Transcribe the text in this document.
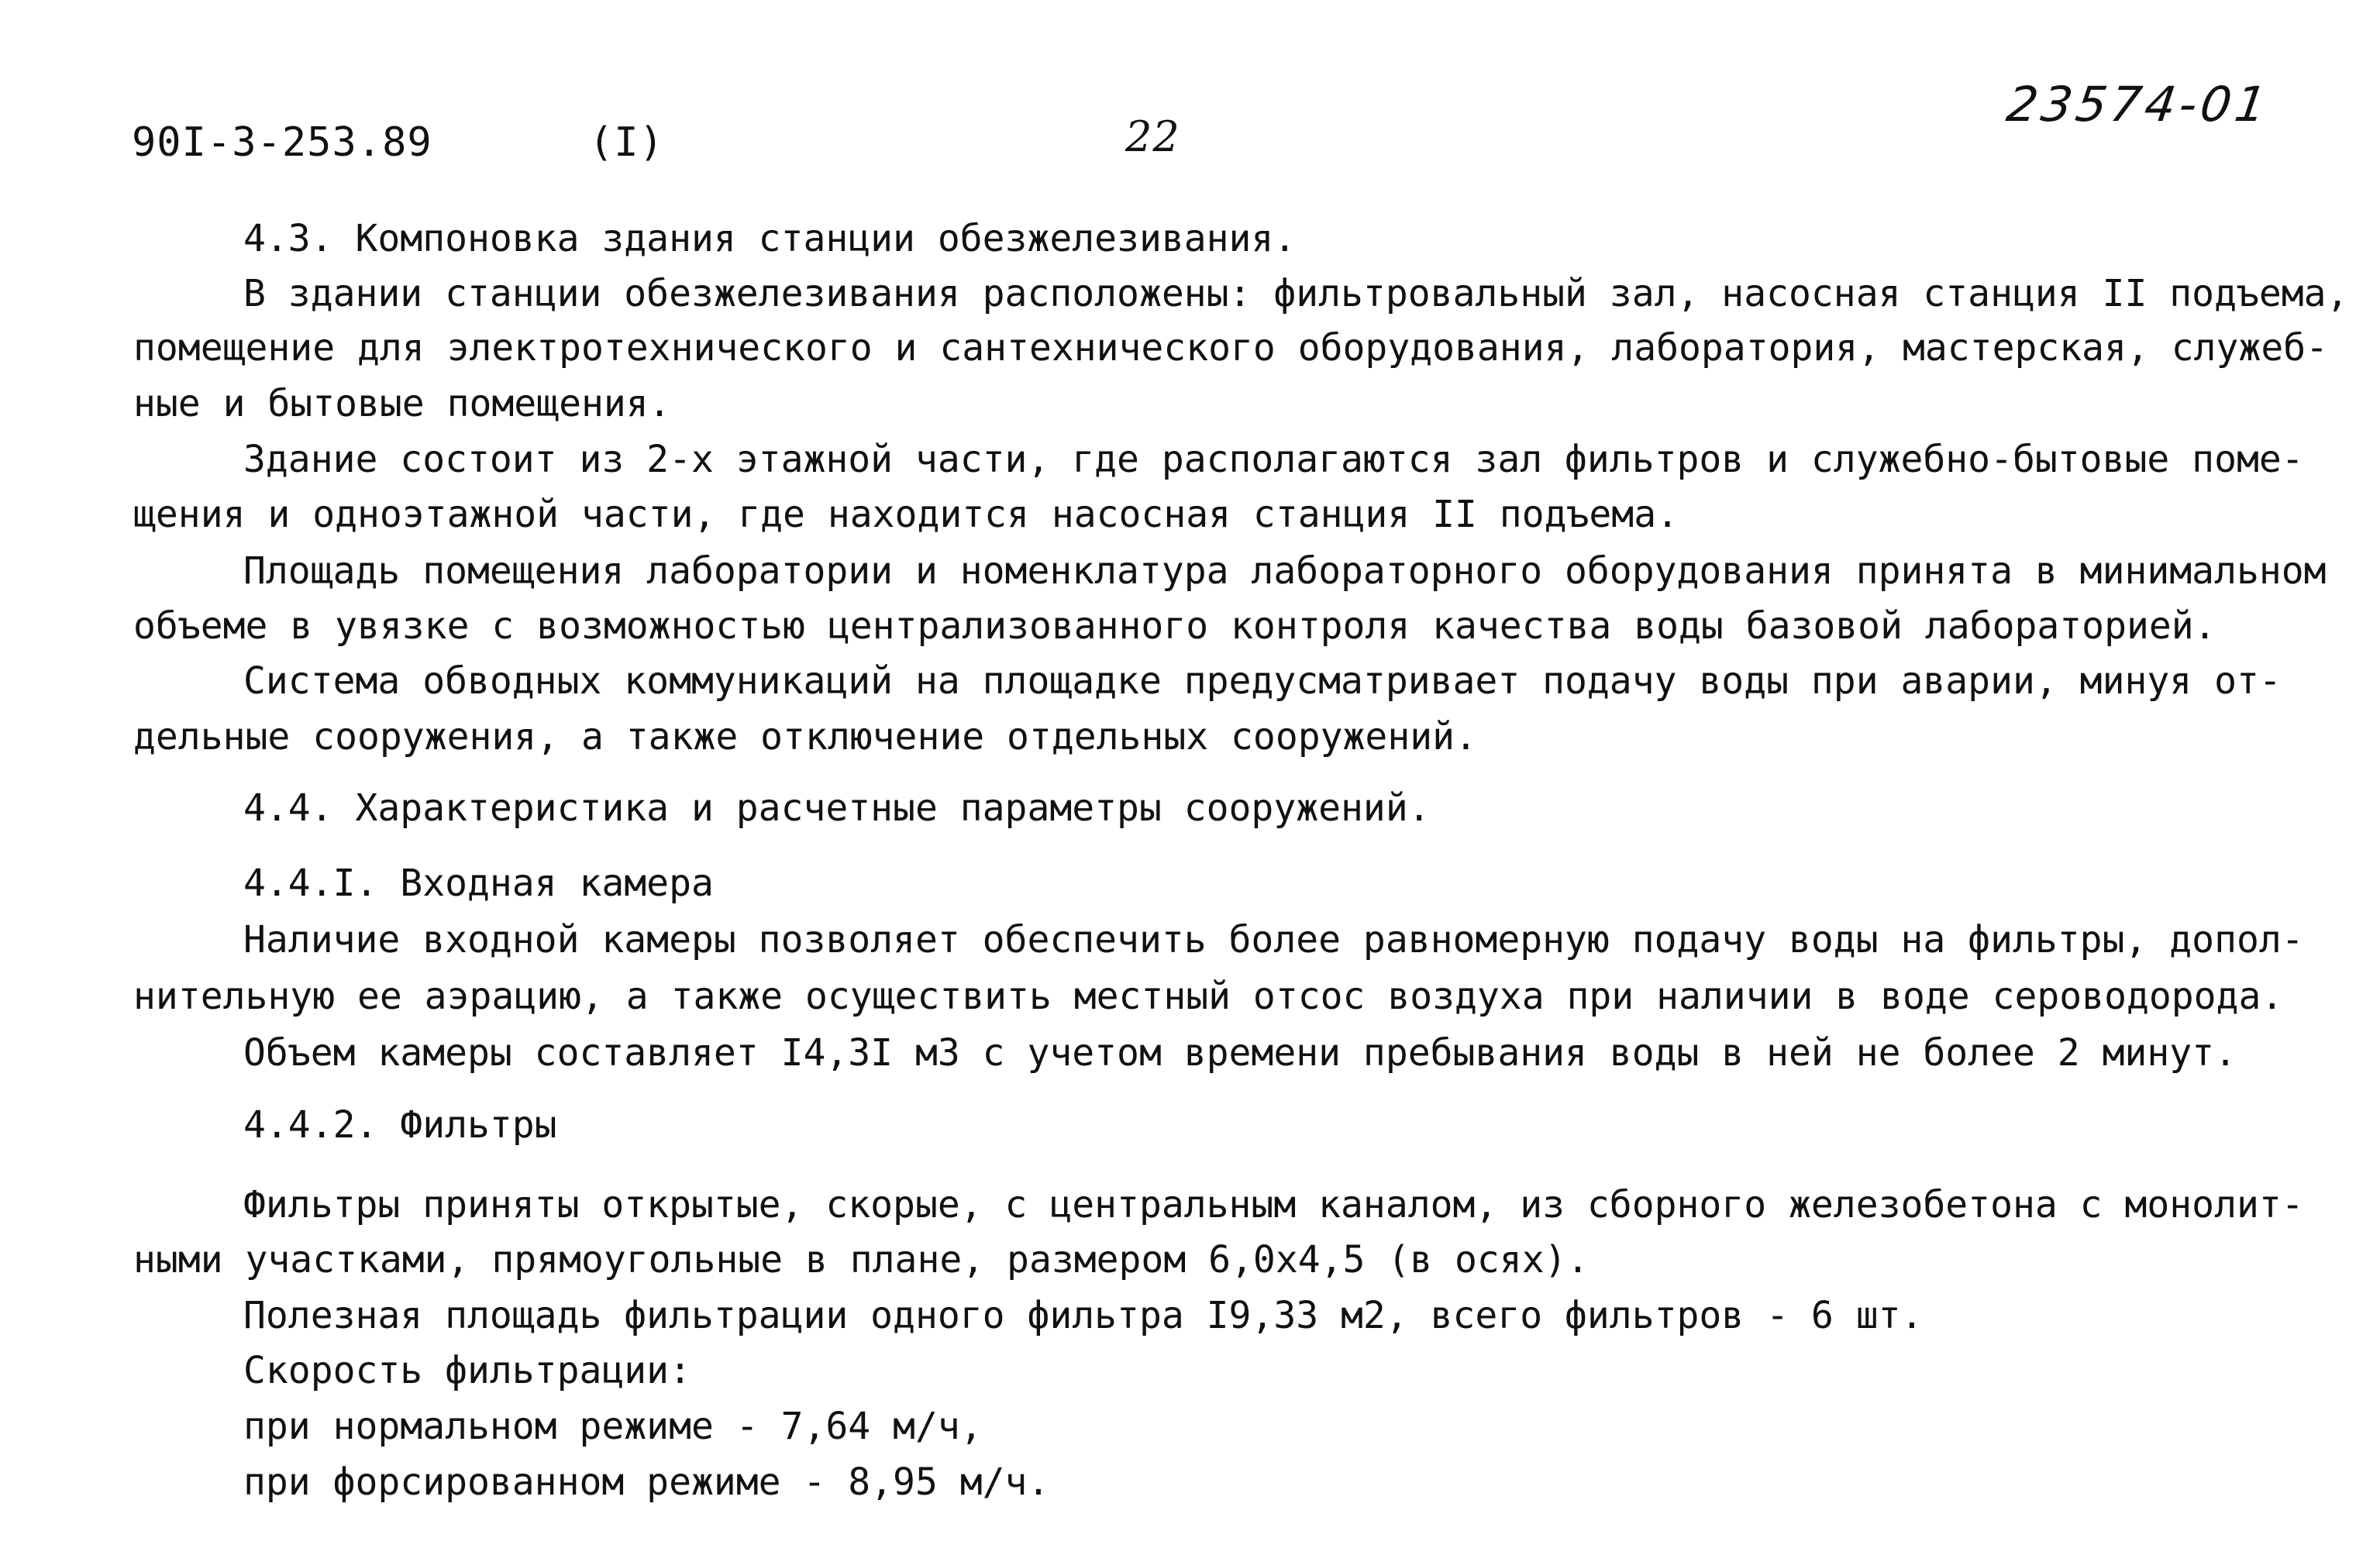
90I-3-253.89	(I)	22
23574-01
4.3. Компоновка здания станции обезжелезивания.
В здании станции обезжелезивания расположены: фильтровальный зал, насосная станция II подъема,
помещение для электротехнического и сантехнического оборудования, лаборатория, мастерская, служеб-
ные и бытовые помещения.
Здание состоит из 2-х этажной части, где располагаются зал фильтров и служебно-бытовые поме-
щения и одноэтажной части, где находится насосная станция II подъема.
Площадь помещения лаборатории и номенклатура лабораторного оборудования принята в минимальном
объеме в увязке с возможностью централизованного контроля качества воды базовой лабораторией.
Система обводных коммуникаций на площадке предусматривает подачу воды при аварии, минуя от-
дельные сооружения, а также отключение отдельных сооружений.
4.4. Характеристика и расчетные параметры сооружений.
4.4.I. Входная камера
Наличие входной камеры позволяет обеспечить более равномерную подачу воды на фильтры, допол-
нительную ее аэрацию, а также осуществить местный отсос воздуха при наличии в воде сероводорода.
Объем камеры составляет I4,3I м3 с учетом времени пребывания воды в ней не более 2 минут.
4.4.2. Фильтры
Фильтры приняты открытые, скорые, с центральным каналом, из сборного железобетона с монолит-
ными участками, прямоугольные в плане, размером 6,0х4,5 (в осях).
Полезная площадь фильтрации одного фильтра I9,33 м2, всего фильтров - 6 шт.
Скорость фильтрации:
при нормальном режиме - 7,64 м/ч,
при форсированном режиме - 8,95 м/ч.
